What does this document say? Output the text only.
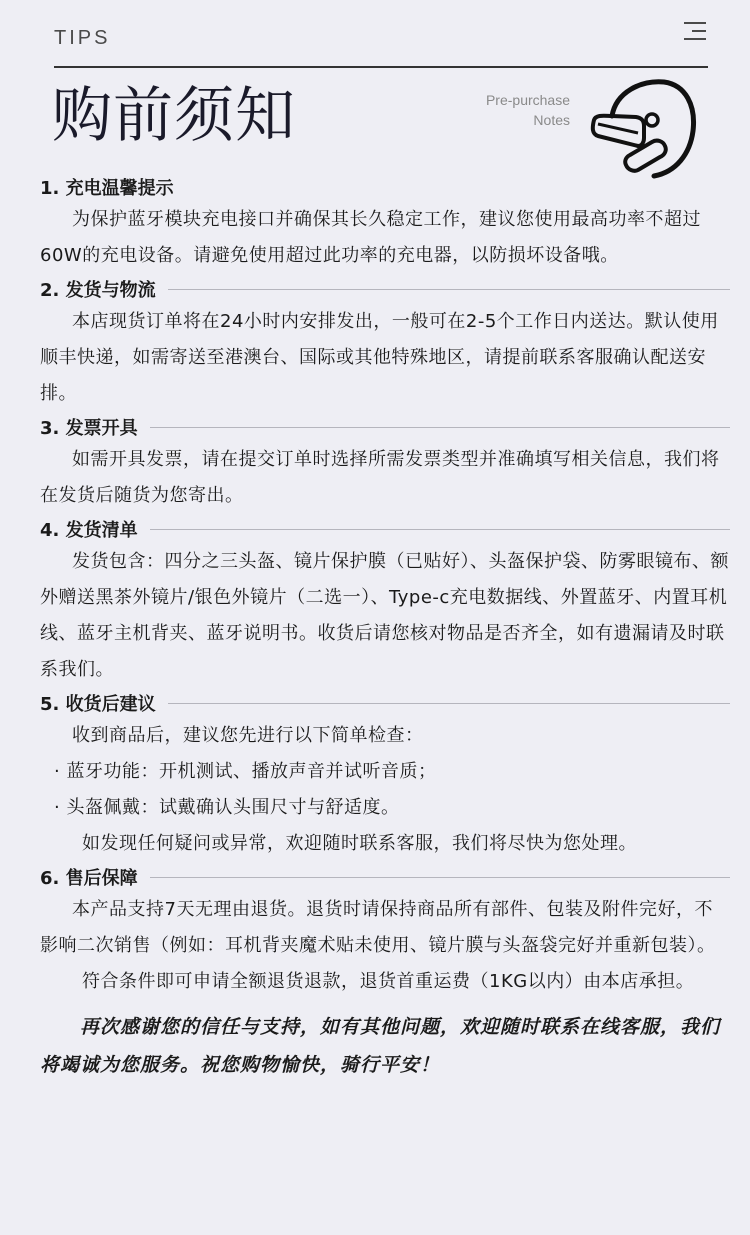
TIPS
购前须知	Pre-purchase
Notes
1. 充电温馨提示

为保护蓝牙模块充电接口并确保其长久稳定工作，建议您使用最高功率不超过60W的充电设备。请避免使用超过此功率的充电器，以防损坏设备哦。

2. 发货与物流

本店现货订单将在24小时内安排发出，一般可在2-5个工作日内送达。默认使用顺丰快递，如需寄送至港澳台、国际或其他特殊地区，请提前联系客服确认配送安排。

3. 发票开具

如需开具发票，请在提交订单时选择所需发票类型并准确填写相关信息，我们将在发货后随货为您寄出。

4. 发货清单

发货包含：四分之三头盔、镜片保护膜（已贴好）、头盔保护袋、防雾眼镜布、额外赠送黑茶外镜片/银色外镜片（二选一）、Type-c充电数据线、外置蓝牙、内置耳机线、蓝牙主机背夹、蓝牙说明书。收货后请您核对物品是否齐全，如有遗漏请及时联系我们。

5. 收货后建议

收到商品后，建议您先进行以下简单检查：

· 蓝牙功能：开机测试、播放声音并试听音质；

· 头盔佩戴：试戴确认头围尺寸与舒适度。

如发现任何疑问或异常，欢迎随时联系客服，我们将尽快为您处理。

6. 售后保障

本产品支持7天无理由退货。退货时请保持商品所有部件、包装及附件完好，不影响二次销售（例如：耳机背夹魔术贴未使用、镜片膜与头盔袋完好并重新包装）。

符合条件即可申请全额退货退款，退货首重运费（1KG以内）由本店承担。

再次感谢您的信任与支持，如有其他问题，欢迎随时联系在线客服，我们将竭诚为您服务。祝您购物愉快，骑行平安！
